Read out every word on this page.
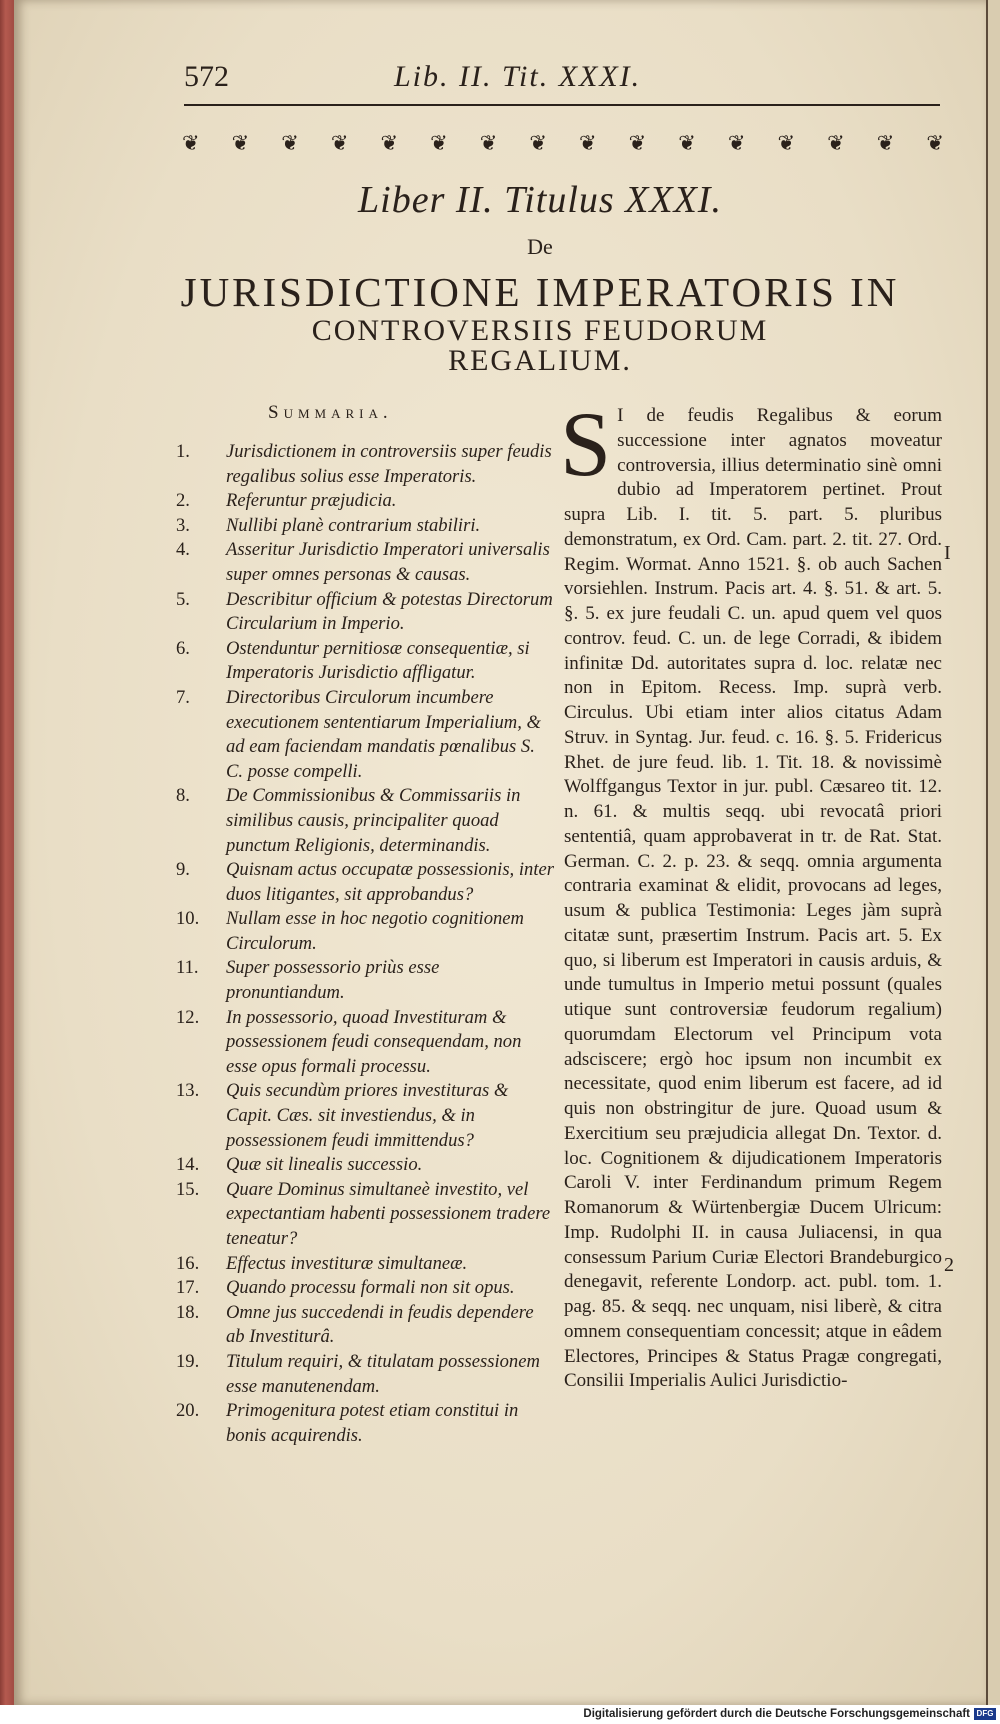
572	Lib. II. Tit. XXXI.
❦ ❦ ❦ ❦ ❦ ❦ ❦ ❦ ❦ ❦ ❦ ❦ ❦ ❦ ❦ ❦
Liber II. Titulus XXXI.
De
JURISDICTIONE IMPERATORIS IN
CONTROVERSIIS FEUDORUM
REGALIUM.
Summaria.
1.	Jurisdictionem in controversiis super feudis regalibus solius esse Imperatoris.
2.	Referuntur præjudicia.
3.	Nullibi planè contrarium stabiliri.
4.	Asseritur Jurisdictio Imperatori universalis super omnes personas & causas.
5.	Describitur officium & potestas Directorum Circularium in Imperio.
6.	Ostenduntur pernitiosæ consequentiæ, si Imperatoris Jurisdictio affligatur.
7.	Directoribus Circulorum incumbere executionem sententiarum Imperialium, & ad eam faciendam mandatis pœnalibus S. C. posse compelli.
8.	De Commissionibus & Commissariis in similibus causis, principaliter quoad punctum Religionis, determinandis.
9.	Quisnam actus occupatæ possessionis, inter duos litigantes, sit approbandus?
10.	Nullam esse in hoc negotio cognitionem Circulorum.
11.	Super possessorio priùs esse pronuntiandum.
12.	In possessorio, quoad Investituram & possessionem feudi consequendam, non esse opus formali processu.
13.	Quis secundùm priores investituras & Capit. Cæs. sit investiendus, & in possessionem feudi immittendus?
14.	Quæ sit linealis successio.
15.	Quare Dominus simultaneè investito, vel expectantiam habenti possessionem tradere teneatur?
16.	Effectus investituræ simultaneæ.
17.	Quando processu formali non sit opus.
18.	Omne jus succedendi in feudis dependere ab Investiturâ.
19.	Titulum requiri, & titulatam possessionem esse manutenendam.
20.	Primogenitura potest etiam constitui in bonis acquirendis.
S I de feudis Regalibus & eorum successione inter agnatos moveatur controversia, illius determinatio sinè omni dubio ad Imperatorem pertinet. Prout supra Lib. I. tit. 5. part. 5. pluribus demonstratum, ex Ord. Cam. part. 2. tit. 27. Ord. Regim. Wormat. Anno 1521. §. ob auch Sachen vorsiehlen. Instrum. Pacis art. 4. §. 51. & art. 5. §. 5. ex jure feudali C. un. apud quem vel quos controv. feud. C. un. de lege Corradi, & ibidem infinitæ Dd. autoritates supra d. loc. relatæ nec non in Epitom. Recess. Imp. suprà verb. Circulus. Ubi etiam inter alios citatus Adam Struv. in Syntag. Jur. feud. c. 16. §. 5. Fridericus Rhet. de jure feud. lib. 1. Tit. 18. & novissimè Wolffgangus Textor in jur. publ. Cæsareo tit. 12. n. 61. & multis seqq. ubi revocatâ priori sententiâ, quam approbaverat in tr. de Rat. Stat. German. C. 2. p. 23. & seqq. omnia argumenta contraria examinat & elidit, provocans ad leges, usum & publica Testimonia: Leges jàm suprà citatæ sunt, præsertim Instrum. Pacis art. 5. Ex quo, si liberum est Imperatori in causis arduis, & unde tumultus in Imperio metui possunt (quales utique sunt controversiæ feudorum regalium) quorumdam Electorum vel Principum vota adsciscere; ergò hoc ipsum non incumbit ex necessitate, quod enim liberum est facere, ad id quis non obstringitur de jure. Quoad usum & Exercitium seu præjudicia allegat Dn. Textor. d. loc. Cognitionem & dijudicationem Imperatoris Caroli V. inter Ferdinandum primum Regem Romanorum & Würtenbergiæ Ducem Ulricum: Imp. Rudolphi II. in causa Juliacensi, in qua consessum Parium Curiæ Electori Brandeburgico denegavit, referente Londorp. act. publ. tom. 1. pag. 85. & seqq. nec unquam, nisi liberè, & citra omnem consequentiam concessit; atque in eâdem Electores, Principes & Status Pragæ congregati, Consilii Imperialis Aulici Jurisdictio-
I
2
Digitalisierung gefördert durch die Deutsche Forschungsgemeinschaft DFG
